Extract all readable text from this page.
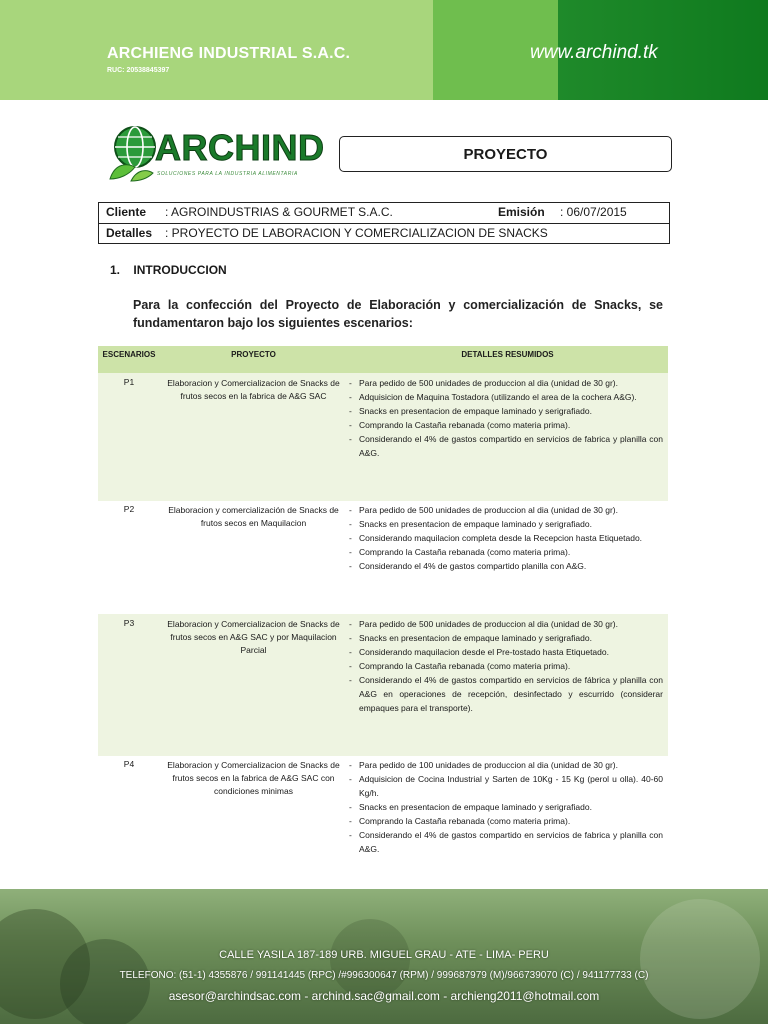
ARCHIENG INDUSTRIAL S.A.C.
RUC: 20538845397
www.archind.tk
ARCHIND
SOLUCIONES PARA LA INDUSTRIA ALIMENTARIA
PROYECTO
Cliente : AGROINDUSTRIAS & GOURMET S.A.C.	Emisión : 06/07/2015
Detalles : PROYECTO DE LABORACION Y COMERCIALIZACION DE SNACKS
1. INTRODUCCION
Para la confección del Proyecto de Elaboración y comercialización de Snacks, se fundamentaron bajo los siguientes escenarios:
ESCENARIOS	PROYECTO	DETALLES RESUMIDOS
P1	Elaboracion y Comercializacion de Snacks de frutos secos en la fabrica de A&G SAC
- Para pedido de 500 unidades de produccion al dia (unidad de 30 gr).
- Adquisicion de Maquina Tostadora (utilizando el area de la cochera A&G).
- Snacks en presentacion de empaque laminado y serigrafiado.
- Comprando la Castaña rebanada (como materia prima).
- Considerando el 4% de gastos compartido en servicios de fabrica y planilla con A&G.
P2	Elaboracion y comercialización de Snacks de frutos secos en Maquilacion
- Para pedido de 500 unidades de produccion al dia (unidad de 30 gr).
- Snacks en presentacion de empaque laminado y serigrafiado.
- Considerando maquilacion completa desde la Recepcion hasta Etiquetado.
- Comprando la Castaña rebanada (como materia prima).
- Considerando el 4% de gastos compartido planilla con A&G.
P3	Elaboracion y Comercializacion de Snacks de frutos secos en A&G SAC y por Maquilacion Parcial
- Para pedido de 500 unidades de produccion al dia (unidad de 30 gr).
- Snacks en presentacion de empaque laminado y serigrafiado.
- Considerando maquilacion desde el Pre-tostado hasta Etiquetado.
- Comprando la Castaña rebanada (como materia prima).
- Considerando el 4% de gastos compartido en servicios de fábrica y planilla con A&G en operaciones de recepción, desinfectado y escurrido (considerar empaques para el transporte).
P4	Elaboracion y Comercializacion de Snacks de frutos secos en la fabrica de A&G SAC con condiciones minimas
- Para pedido de 100 unidades de produccion al dia (unidad de 30 gr).
- Adquisicion de Cocina Industrial y Sarten de 10Kg - 15 Kg (perol u olla). 40-60 Kg/h.
- Snacks en presentacion de empaque laminado y serigrafiado.
- Comprando la Castaña rebanada (como materia prima).
- Considerando el 4% de gastos compartido en servicios de fabrica y planilla con A&G.
CALLE YASILA 187-189 URB. MIGUEL GRAU - ATE - LIMA- PERU
TELEFONO: (51-1) 4355876 / 991141445 (RPC) /#996300647 (RPM) / 999687979 (M)/966739070 (C) / 941177733 (C)
asesor@archindsac.com - archind.sac@gmail.com - archieng2011@hotmail.com
